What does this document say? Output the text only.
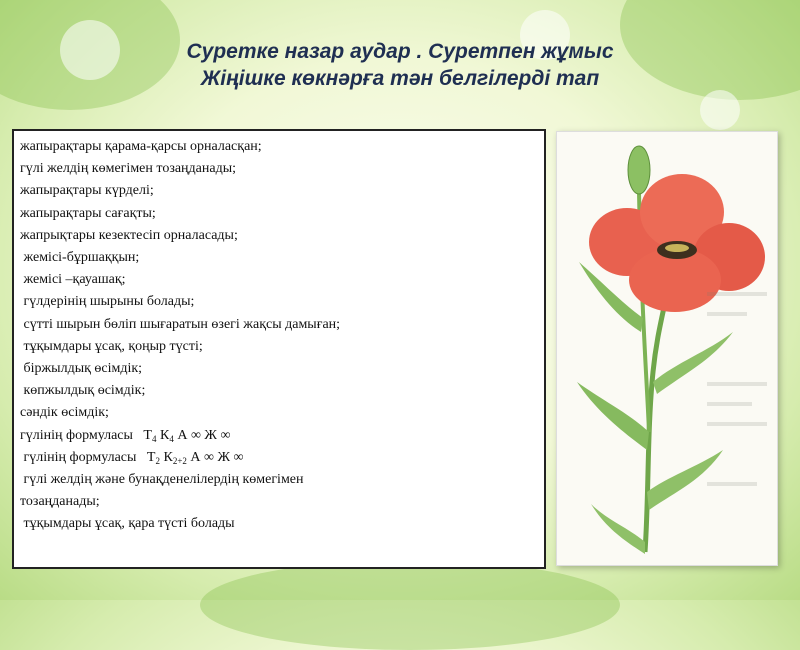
Суретке назар аудар . Суретпен жұмыс
Жіңішке көкнәрға тән белгілерді тап
жапырақтары қарама-қарсы орналасқан;
гүлі желдің көмегімен тозаңданады;
жапырақтары күрделі;
жапырақтары сағақты;
жапрықтары кезектесіп орналасады;
жемісі-бұршаққын;
жемісі –қауашақ;
гүлдерінің шырыны болады;
сүтті шырын бөліп шығаратын өзегі жақсы дамыған;
тұқымдары ұсақ, қоңыр түсті;
біржылдық өсімдік;
көпжылдық өсімдік;
сәндік өсімдік;
гүлінің формуласы   $Т_4$ $К_4$ А ∞ Ж ∞
гүлінің формуласы   $Т_2$ $К_{2+2}$ А ∞ Ж ∞
гүлі желдің және бунақденелілердің көмегімен
тозаңданады;
тұқымдары ұсақ, қара түсті болады
